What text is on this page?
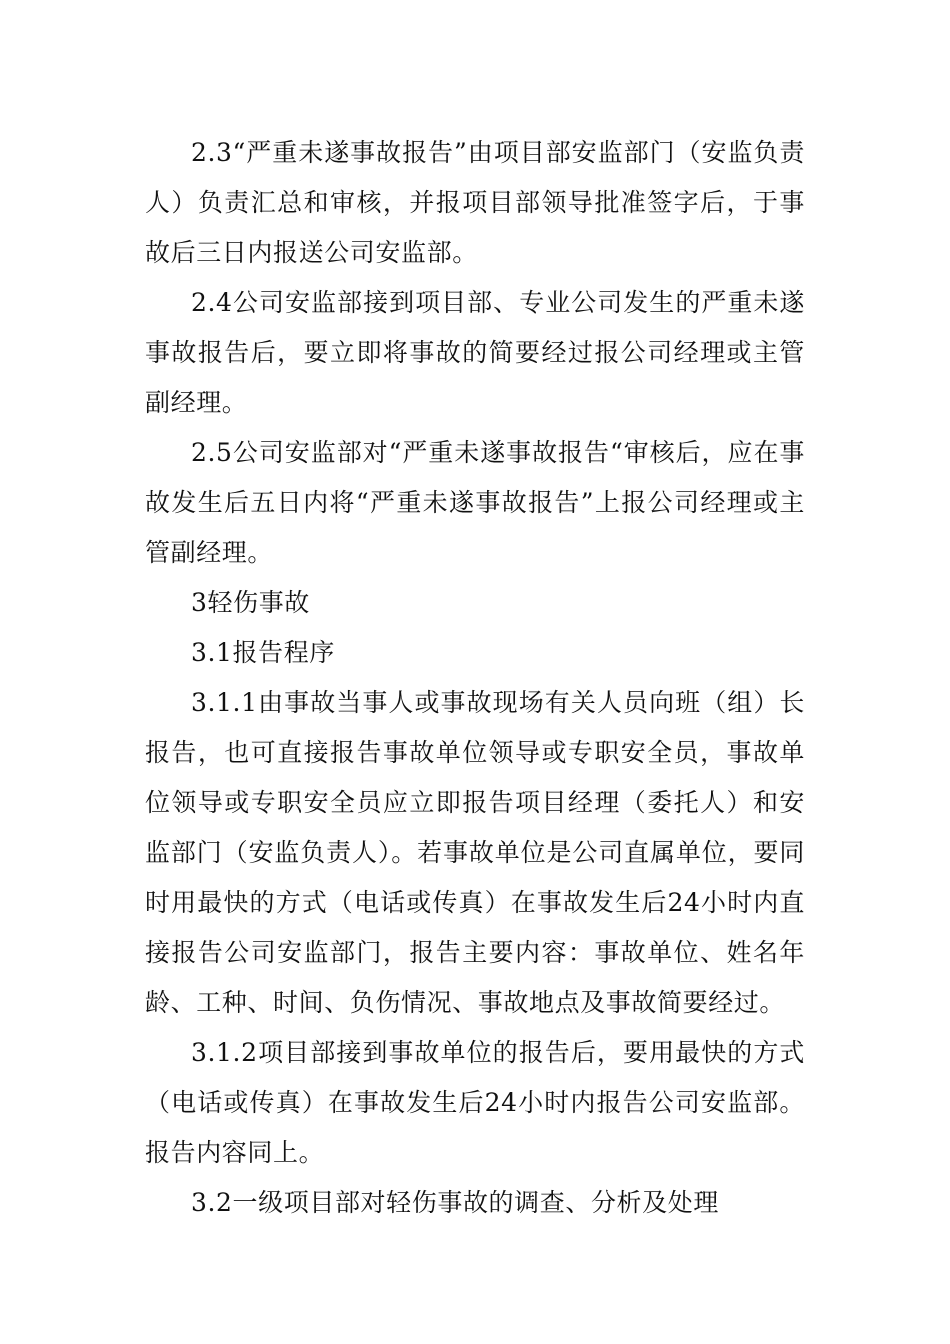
2.3“严重未遂事故报告”由项目部安监部门（安监负责人）负责汇总和审核，并报项目部领导批准签字后，于事故后三日内报送公司安监部。

2.4公司安监部接到项目部、专业公司发生的严重未遂事故报告后，要立即将事故的简要经过报公司经理或主管副经理。

2.5公司安监部对“严重未遂事故报告“审核后，应在事故发生后五日内将“严重未遂事故报告”上报公司经理或主管副经理。

3轻伤事故

3.1报告程序

3.1.1由事故当事人或事故现场有关人员向班（组）长报告，也可直接报告事故单位领导或专职安全员，事故单位领导或专职安全员应立即报告项目经理（委托人）和安监部门（安监负责人）。若事故单位是公司直属单位，要同时用最快的方式（电话或传真）在事故发生后24小时内直接报告公司安监部门，报告主要内容：事故单位、姓名年龄、工种、时间、负伤情况、事故地点及事故简要经过。

3.1.2项目部接到事故单位的报告后，要用最快的方式（电话或传真）在事故发生后24小时内报告公司安监部。报告内容同上。

3.2一级项目部对轻伤事故的调查、分析及处理
